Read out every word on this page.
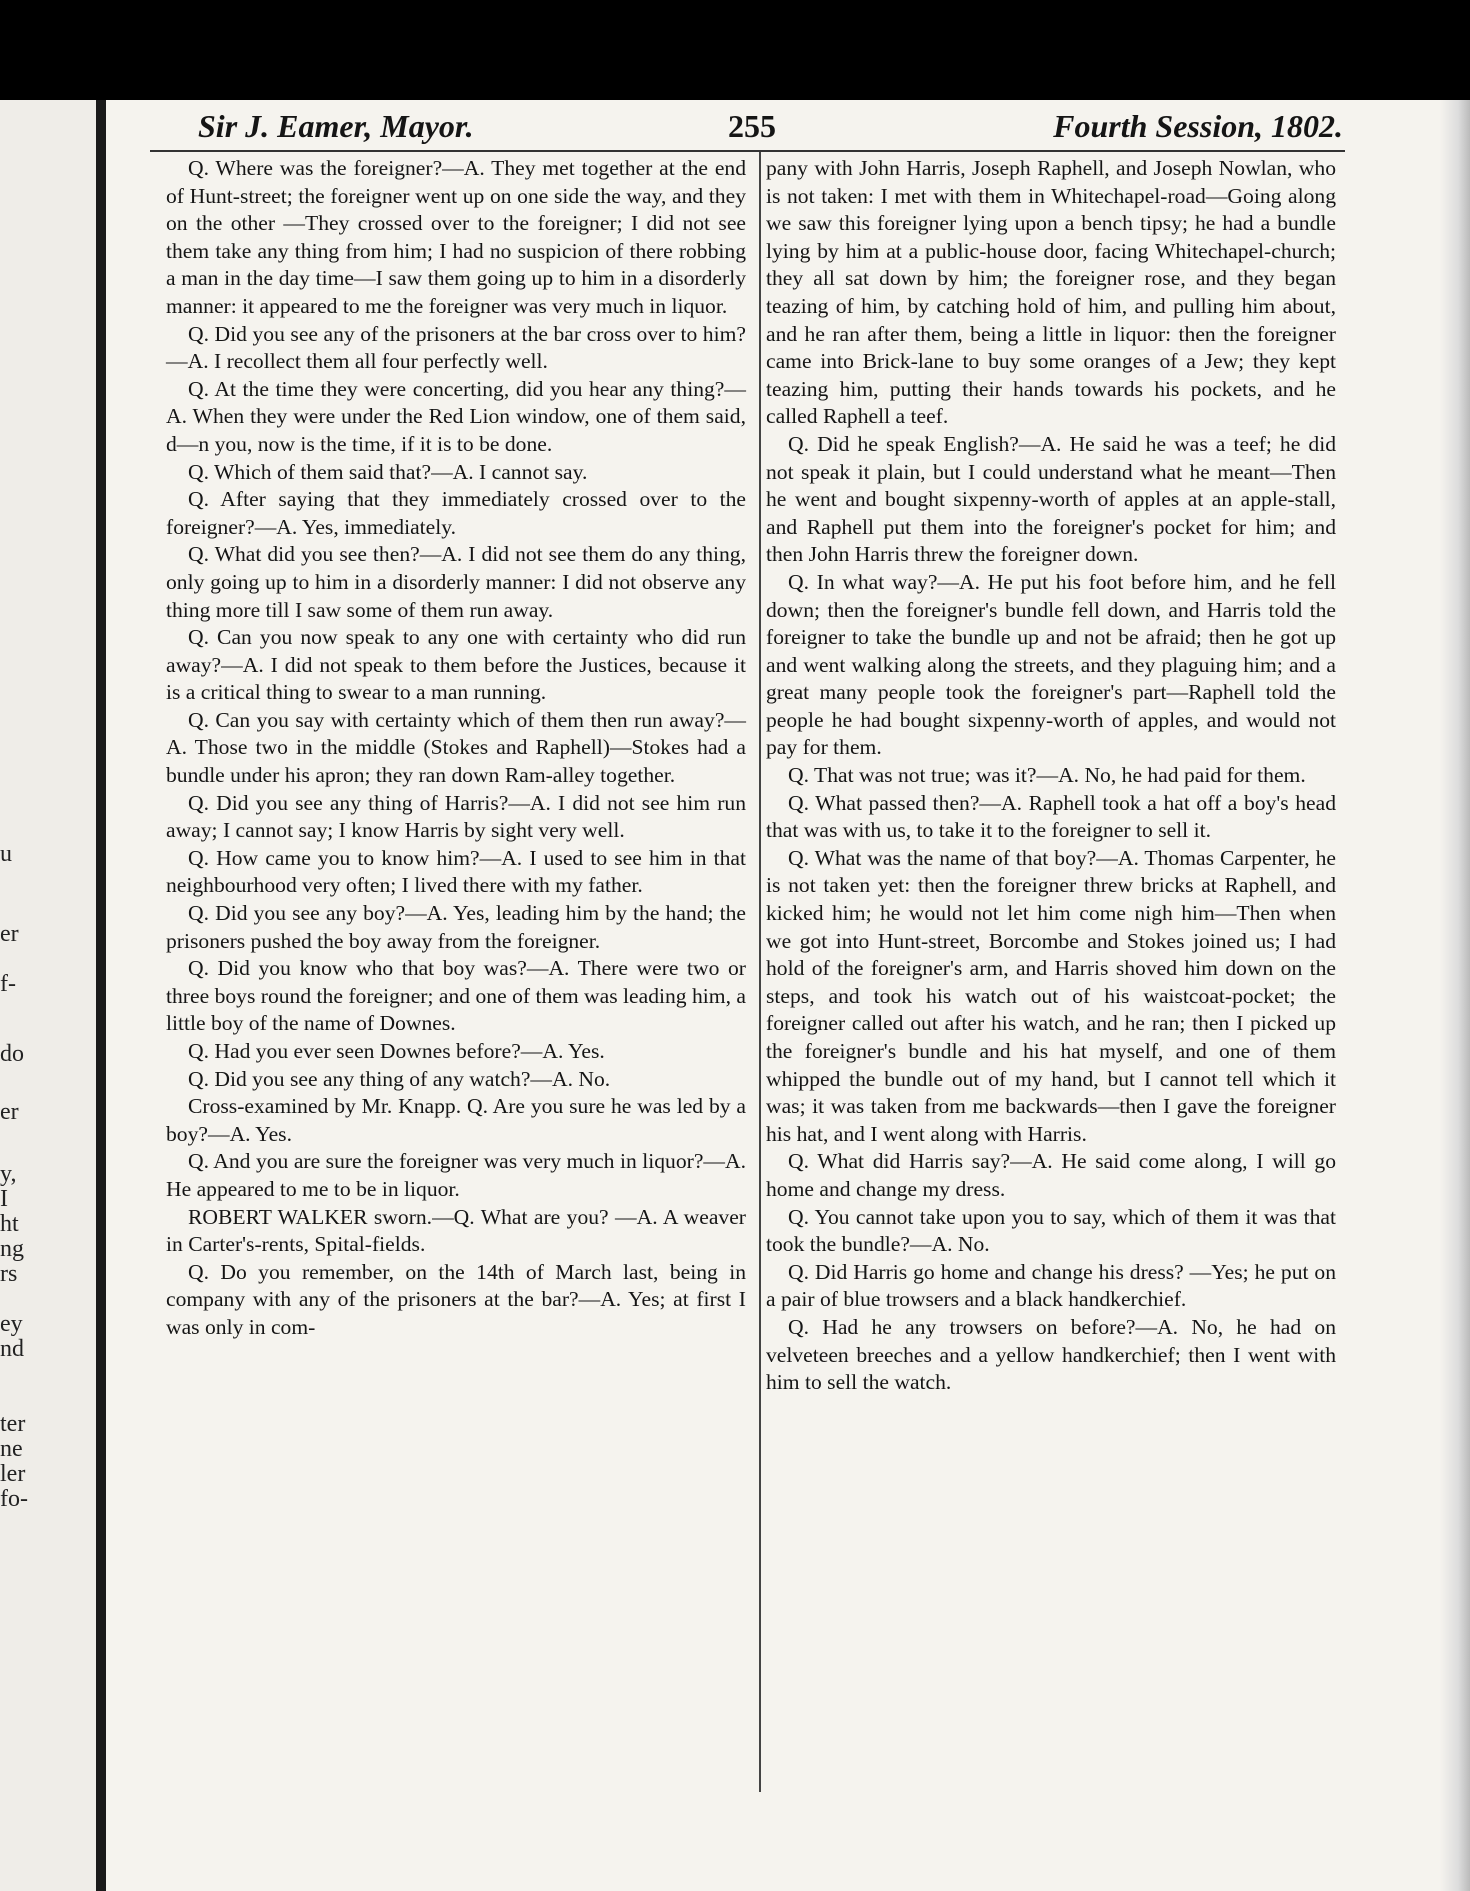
u
er
f-
do
er
y,
I
ht
ng
rs
ey
nd
ter
ne
ler
fo-
Sir J. Eamer, Mayor.	255	Fourth Session, 1802.

Q. Where was the foreigner?—A. They met together at the end of Hunt-street; the foreigner went up on one side the way, and they on the other —They crossed over to the foreigner; I did not see them take any thing from him; I had no suspicion of there robbing a man in the day time—I saw them going up to him in a disorderly manner: it appeared to me the foreigner was very much in liquor.

Q. Did you see any of the prisoners at the bar cross over to him?—A. I recollect them all four perfectly well.

Q. At the time they were concerting, did you hear any thing?—A. When they were under the Red Lion window, one of them said, d—n you, now is the time, if it is to be done.

Q. Which of them said that?—A. I cannot say.

Q. After saying that they immediately crossed over to the foreigner?—A. Yes, immediately.

Q. What did you see then?—A. I did not see them do any thing, only going up to him in a disorderly manner: I did not observe any thing more till I saw some of them run away.

Q. Can you now speak to any one with certainty who did run away?—A. I did not speak to them before the Justices, because it is a critical thing to swear to a man running.

Q. Can you say with certainty which of them then run away?—A. Those two in the middle (Stokes and Raphell)—Stokes had a bundle under his apron; they ran down Ram-alley together.

Q. Did you see any thing of Harris?—A. I did not see him run away; I cannot say; I know Harris by sight very well.

Q. How came you to know him?—A. I used to see him in that neighbourhood very often; I lived there with my father.

Q. Did you see any boy?—A. Yes, leading him by the hand; the prisoners pushed the boy away from the foreigner.

Q. Did you know who that boy was?—A. There were two or three boys round the foreigner; and one of them was leading him, a little boy of the name of Downes.

Q. Had you ever seen Downes before?—A. Yes.

Q. Did you see any thing of any watch?—A. No.

Cross-examined by Mr. Knapp. Q. Are you sure he was led by a boy?—A. Yes.

Q. And you are sure the foreigner was very much in liquor?—A. He appeared to me to be in liquor.

ROBERT WALKER sworn.—Q. What are you? —A. A weaver in Carter's-rents, Spital-fields.

Q. Do you remember, on the 14th of March last, being in company with any of the prisoners at the bar?—A. Yes; at first I was only in com-

pany with John Harris, Joseph Raphell, and Joseph Nowlan, who is not taken: I met with them in Whitechapel-road—Going along we saw this foreigner lying upon a bench tipsy; he had a bundle lying by him at a public-house door, facing Whitechapel-church; they all sat down by him; the foreigner rose, and they began teazing of him, by catching hold of him, and pulling him about, and he ran after them, being a little in liquor: then the foreigner came into Brick-lane to buy some oranges of a Jew; they kept teazing him, putting their hands towards his pockets, and he called Raphell a teef.

Q. Did he speak English?—A. He said he was a teef; he did not speak it plain, but I could understand what he meant—Then he went and bought sixpenny-worth of apples at an apple-stall, and Raphell put them into the foreigner's pocket for him; and then John Harris threw the foreigner down.

Q. In what way?—A. He put his foot before him, and he fell down; then the foreigner's bundle fell down, and Harris told the foreigner to take the bundle up and not be afraid; then he got up and went walking along the streets, and they plaguing him; and a great many people took the foreigner's part—Raphell told the people he had bought sixpenny-worth of apples, and would not pay for them.

Q. That was not true; was it?—A. No, he had paid for them.

Q. What passed then?—A. Raphell took a hat off a boy's head that was with us, to take it to the foreigner to sell it.

Q. What was the name of that boy?—A. Thomas Carpenter, he is not taken yet: then the foreigner threw bricks at Raphell, and kicked him; he would not let him come nigh him—Then when we got into Hunt-street, Borcombe and Stokes joined us; I had hold of the foreigner's arm, and Harris shoved him down on the steps, and took his watch out of his waistcoat-pocket; the foreigner called out after his watch, and he ran; then I picked up the foreigner's bundle and his hat myself, and one of them whipped the bundle out of my hand, but I cannot tell which it was; it was taken from me backwards—then I gave the foreigner his hat, and I went along with Harris.

Q. What did Harris say?—A. He said come along, I will go home and change my dress.

Q. You cannot take upon you to say, which of them it was that took the bundle?—A. No.

Q. Did Harris go home and change his dress? —Yes; he put on a pair of blue trowsers and a black handkerchief.

Q. Had he any trowsers on before?—A. No, he had on velveteen breeches and a yellow handkerchief; then I went with him to sell the watch.
